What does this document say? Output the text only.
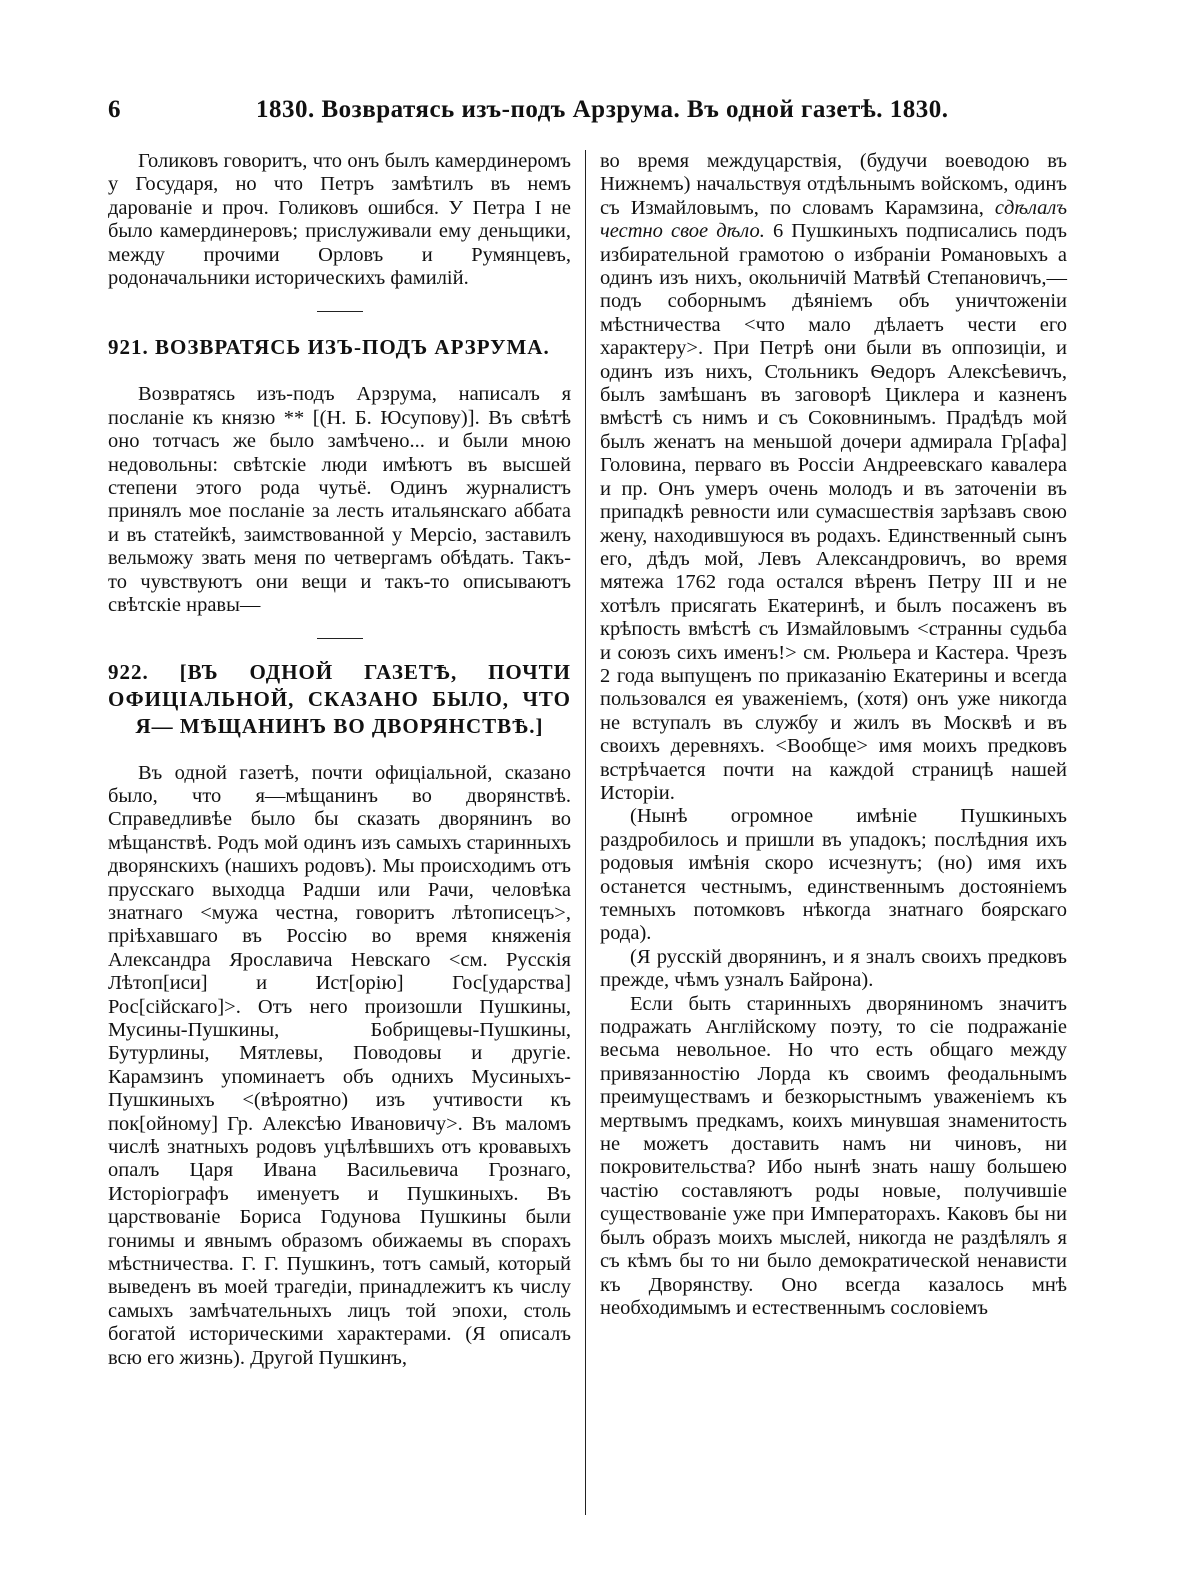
6	1830. Возвратясь изъ-подъ Арзрума. Въ одной газетѣ. 1830.

Голиковъ говоритъ, что онъ былъ камердинеромъ у Государя, но что Петръ замѣтилъ въ немъ дарованіе и проч. Голиковъ ошибся. У Петра I не было камердинеровъ; прислуживали ему деньщики, между прочими Орловъ и Румянцевъ, родоначальники историческихъ фамилій.

921. ВОЗВРАТЯСЬ ИЗЪ-ПОДЪ АРЗРУМА.

Возвратясь изъ-подъ Арзрума, написалъ я посланіе къ князю ** [(Н. Б. Юсупову)]. Въ свѣтѣ оно тотчасъ же было замѣчено... и были мною недовольны: свѣтскіе люди имѣютъ въ высшей степени этого рода чутьё. Одинъ журналистъ принялъ мое посланіе за лесть итальянскаго аббата и въ статейкѣ, заимствованной у Мерсіо, заставилъ вельможу звать меня по четвергамъ обѣдать. Такъ-то чувствуютъ они вещи и такъ-то описываютъ свѣтскіе нравы—

922. [ВЪ ОДНОЙ ГАЗЕТѢ, ПОЧТИ ОФИЦІАЛЬНОЙ, СКАЗАНО БЫЛО, ЧТО Я— МѢЩАНИНЪ ВО ДВОРЯНСТВѢ.]

Въ одной газетѣ, почти офиціальной, сказано было, что я—мѣщанинъ во дворянствѣ. Справедливѣе было бы сказать дворянинъ во мѣщанствѣ. Родъ мой одинъ изъ самыхъ старинныхъ дворянскихъ (нашихъ родовъ). Мы происходимъ отъ прусскаго выходца Радши или Рачи, человѣка знатнаго <мужа честна, говоритъ лѣтописецъ>, пріѣхавшаго въ Россію во время княженія Александра Ярославича Невскаго <см. Русскія Лѣтоп[иси] и Ист[орію] Гос[ударства] Рос[сійскаго]>. Отъ него произошли Пушкины, Мусины-Пушкины, Бобрищевы-Пушкины, Бутурлины, Мятлевы, Поводовы и другіе. Карамзинъ упоминаетъ объ однихъ Мусиныхъ-Пушкиныхъ <(вѣроятно) изъ учтивости къ пок[ойному] Гр. Алексѣю Ивановичу>. Въ маломъ числѣ знатныхъ родовъ уцѣлѣвшихъ отъ кровавыхъ опалъ Царя Ивана Васильевича Грознаго, Исторіографъ именуетъ и Пушкиныхъ. Въ царствованіе Бориса Годунова Пушкины были гонимы и явнымъ образомъ обижаемы въ спорахъ мѣстничества. Г. Г. Пушкинъ, тотъ самый, который выведенъ въ моей трагедіи, принадлежитъ къ числу самыхъ замѣчательныхъ лицъ той эпохи, столь богатой историческими характерами. (Я описалъ всю его жизнь). Другой Пушкинъ,

во время междуцарствія, (будучи воеводою въ Нижнемъ) начальствуя отдѣльнымъ войскомъ, одинъ съ Измайловымъ, по словамъ Карамзина, сдѣлалъ честно свое дѣло. 6 Пушкиныхъ подписались подъ избирательной грамотою о избраніи Романовыхъ а одинъ изъ нихъ, окольничій Матвѣй Степановичъ,—подъ соборнымъ дѣяніемъ объ уничтоженіи мѣстничества <что мало дѣлаетъ чести его характеру>. При Петрѣ они были въ оппозиціи, и одинъ изъ нихъ, Стольникъ Ѳедоръ Алексѣевичъ, былъ замѣшанъ въ заговорѣ Циклера и казненъ вмѣстѣ съ нимъ и съ Соковнинымъ. Прадѣдъ мой былъ женатъ на меньшой дочери адмирала Гр[афа] Головина, перваго въ Россіи Андреевскаго кавалера и пр. Онъ умеръ очень молодъ и въ заточеніи въ припадкѣ ревности или сумасшествія зарѣзавъ свою жену, находившуюся въ родахъ. Единственный сынъ его, дѣдъ мой, Левъ Александровичъ, во время мятежа 1762 года остался вѣренъ Петру III и не хотѣлъ присягать Екатеринѣ, и былъ посаженъ въ крѣпость вмѣстѣ съ Измайловымъ <странны судьба и союзъ сихъ именъ!> см. Рюльера и Кастера. Чрезъ 2 года выпущенъ по приказанію Екатерины и всегда пользовался ея уваженіемъ, (хотя) онъ уже никогда не вступалъ въ службу и жилъ въ Москвѣ и въ своихъ деревняхъ. <Вообще> имя моихъ предковъ встрѣчается почти на каждой страницѣ нашей Исторіи.

(Нынѣ огромное имѣніе Пушкиныхъ раздробилось и пришли въ упадокъ; послѣдния ихъ родовыя имѣнія скоро исчезнутъ; (но) имя ихъ останется честнымъ, единственнымъ достояніемъ темныхъ потомковъ нѣкогда знатнаго боярскаго рода).

(Я русскій дворянинъ, и я зналъ своихъ предковъ прежде, чѣмъ узналъ Байрона).

Если быть старинныхъ дворяниномъ значитъ подражать Англійскому поэту, то сіе подражаніе весьма невольное. Но что есть общаго между привязанностію Лорда къ своимъ феодальнымъ преимуществамъ и безкорыстнымъ уваженіемъ къ мертвымъ предкамъ, коихъ минувшая знаменитость не можетъ доставить намъ ни чиновъ, ни покровительства? Ибо нынѣ знать нашу большею частію составляютъ роды новые, получившіе существованіе уже при Императорахъ. Каковъ бы ни былъ образъ моихъ мыслей, никогда не раздѣлялъ я съ кѣмъ бы то ни было демократической ненависти къ Дворянству. Оно всегда казалось мнѣ необходимымъ и естественнымъ сословіемъ
